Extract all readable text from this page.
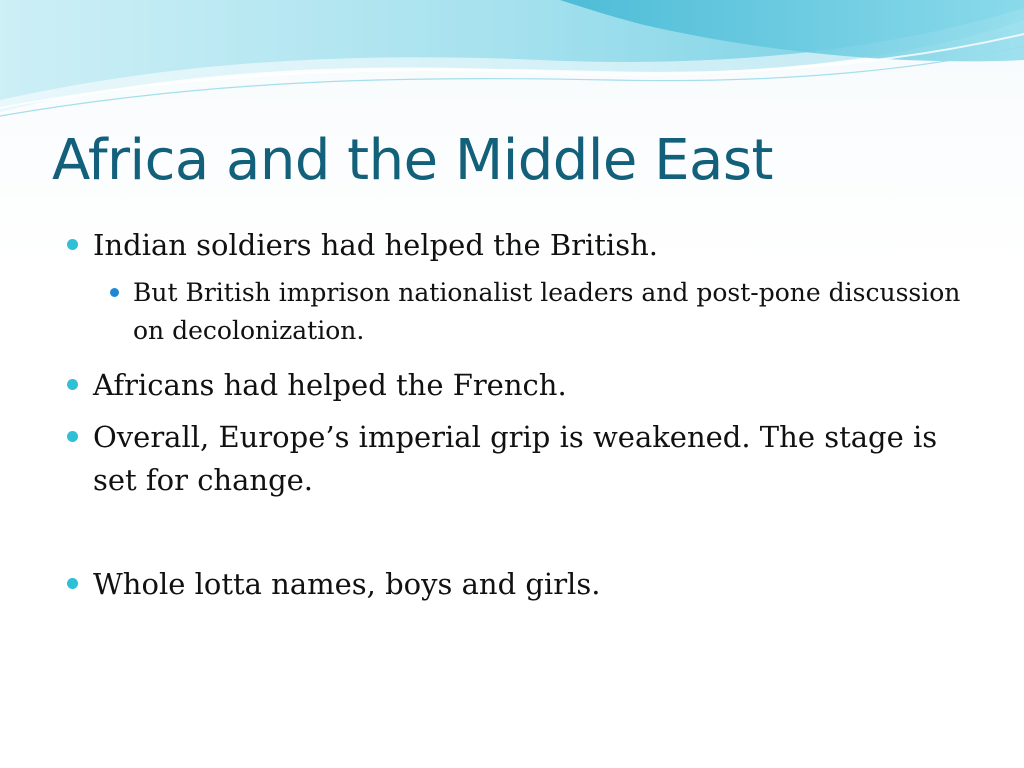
Africa and the Middle East
Indian soldiers had helped the British.
But British imprison nationalist leaders and post-pone discussion on decolonization.
Africans had helped the French.
Overall, Europe’s imperial grip is weakened. The stage is set for change.
Whole lotta names, boys and girls.
